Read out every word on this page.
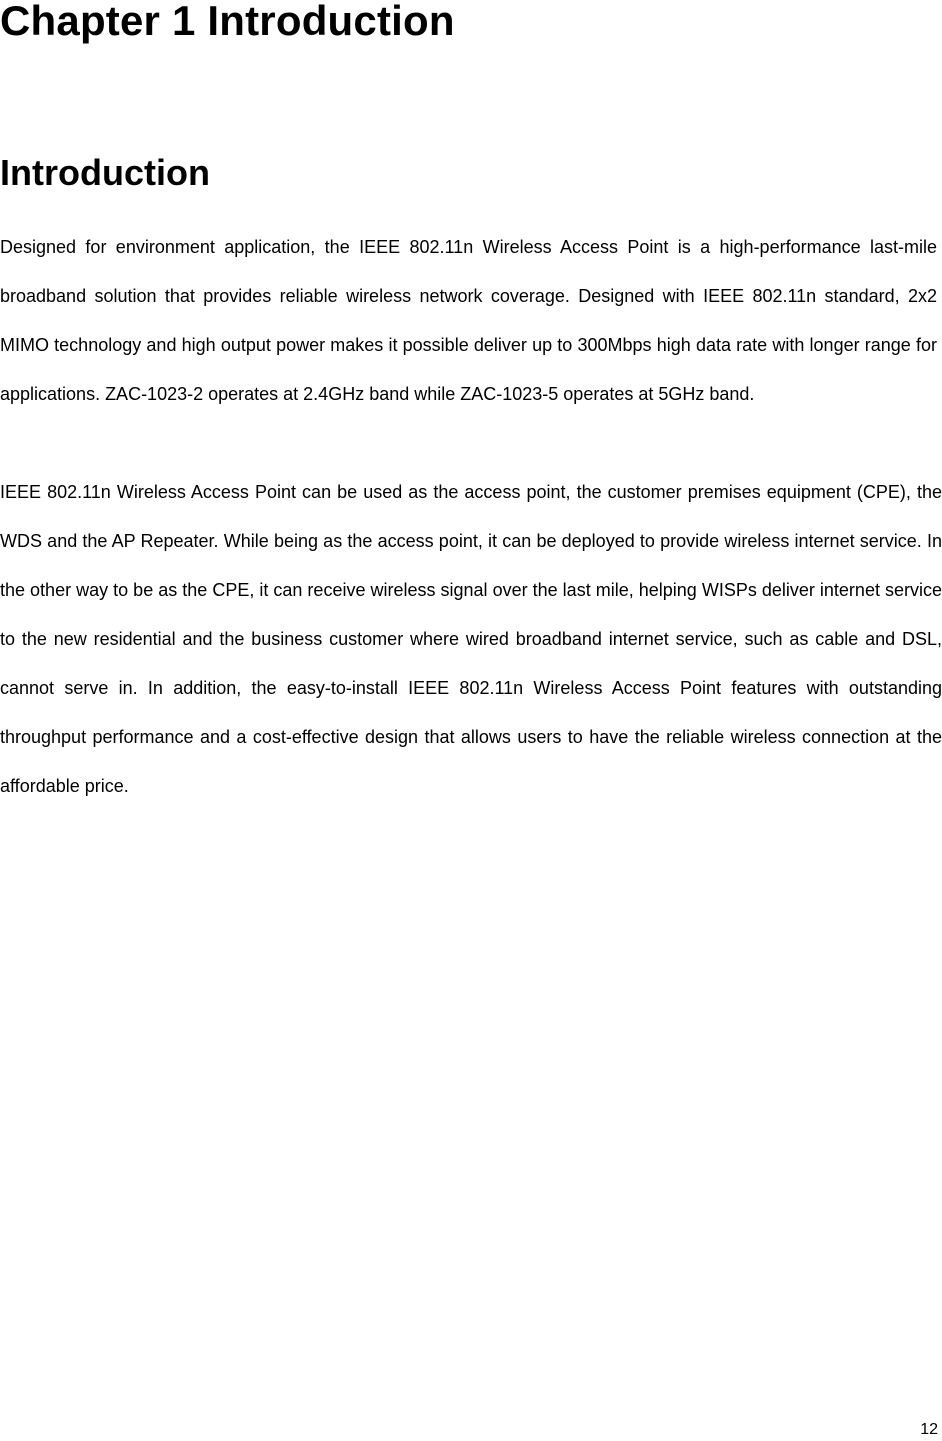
Chapter 1 Introduction
Introduction

Designed for environment application, the IEEE 802.11n Wireless Access Point is a high-performance last-mile broadband solution that provides reliable wireless network coverage. Designed with IEEE 802.11n standard, 2x2 MIMO technology and high output power makes it possible deliver up to 300Mbps high data rate with longer range for applications. ZAC-1023-2 operates at 2.4GHz band while ZAC-1023-5 operates at 5GHz band.

IEEE 802.11n Wireless Access Point can be used as the access point, the customer premises equipment (CPE), the WDS and the AP Repeater. While being as the access point, it can be deployed to provide wireless internet service. In the other way to be as the CPE, it can receive wireless signal over the last mile, helping WISPs deliver internet service to the new residential and the business customer where wired broadband internet service, such as cable and DSL, cannot serve in. In addition, the easy-to-install IEEE 802.11n Wireless Access Point features with outstanding throughput performance and a cost-effective design that allows users to have the reliable wireless connection at the affordable price.

12
